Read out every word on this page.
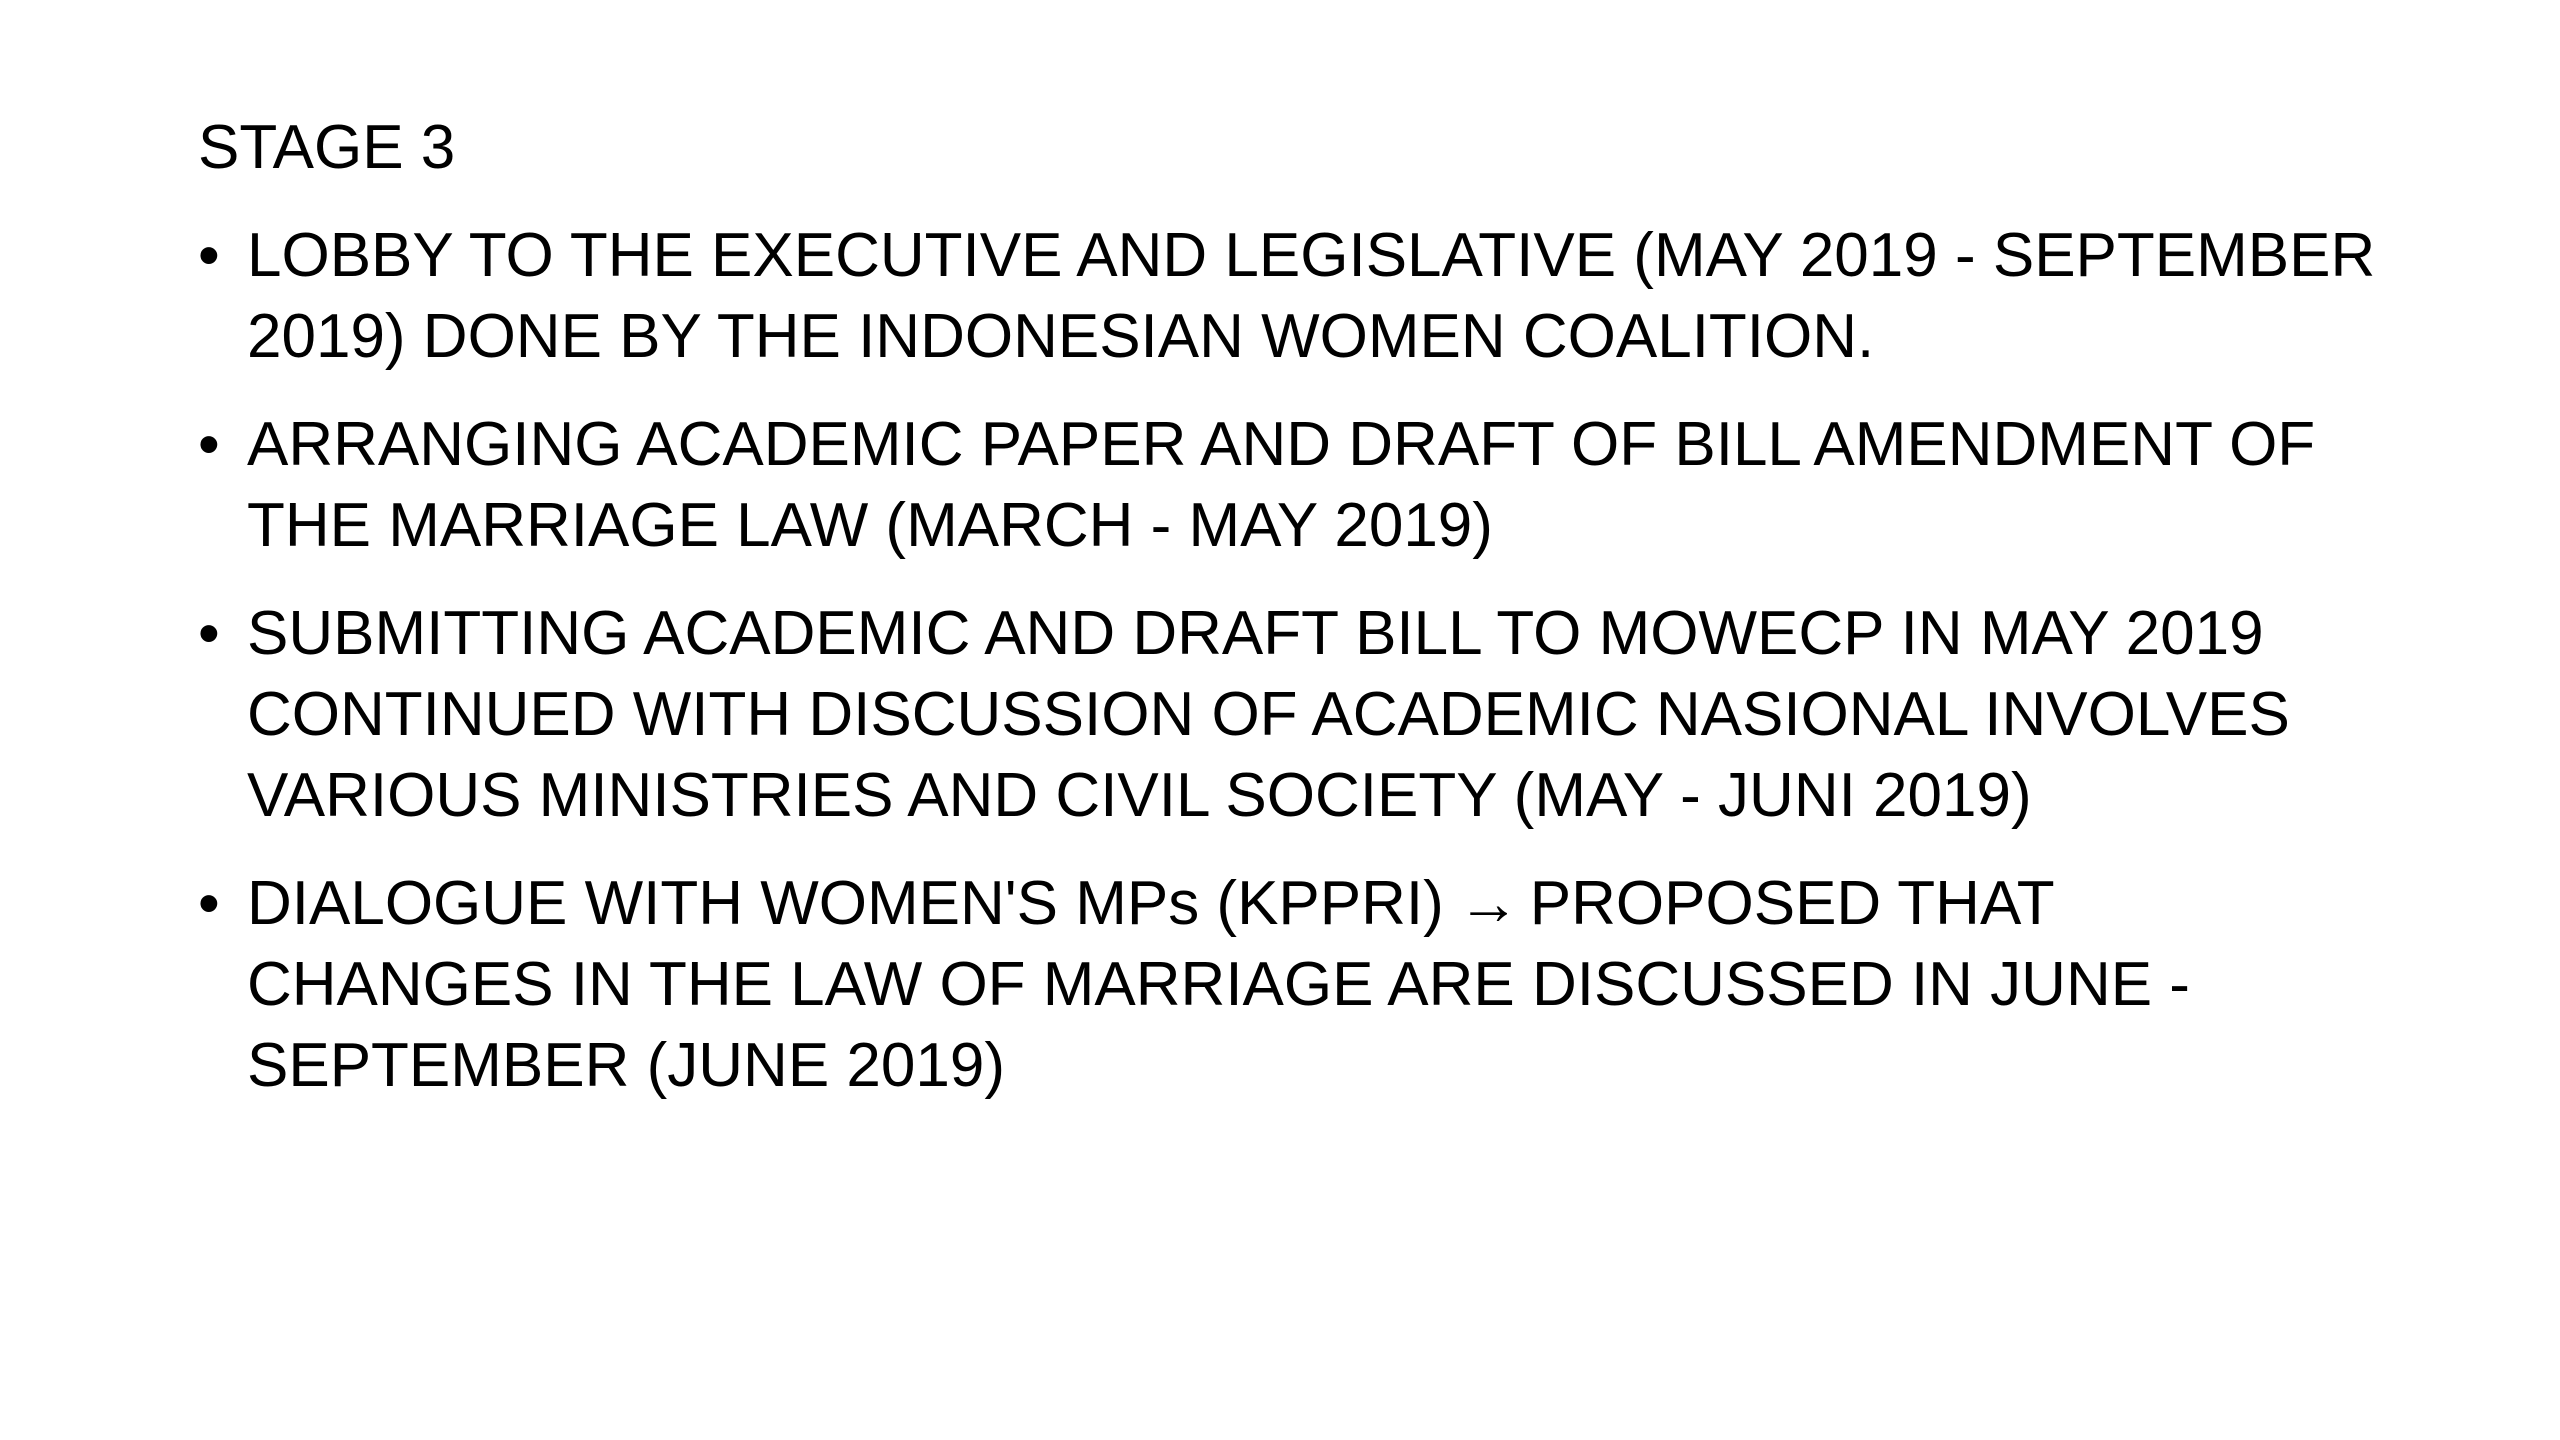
STAGE 3
• LOBBY TO THE EXECUTIVE AND LEGISLATIVE (MAY 2019 - SEPTEMBER
2019) DONE BY THE INDONESIAN WOMEN COALITION.
• ARRANGING ACADEMIC PAPER AND DRAFT OF BILL AMENDMENT OF
THE MARRIAGE LAW (MARCH - MAY 2019)
• SUBMITTING ACADEMIC AND DRAFT BILL TO MOWECP IN MAY 2019
CONTINUED WITH DISCUSSION OF ACADEMIC NASIONAL INVOLVES
VARIOUS MINISTRIES AND CIVIL SOCIETY (MAY - JUNI 2019)
• DIALOGUE WITH WOMEN'S MPs (KPPRI) → PROPOSED THAT
CHANGES IN THE LAW OF MARRIAGE ARE DISCUSSED IN JUNE -
SEPTEMBER (JUNE 2019)
